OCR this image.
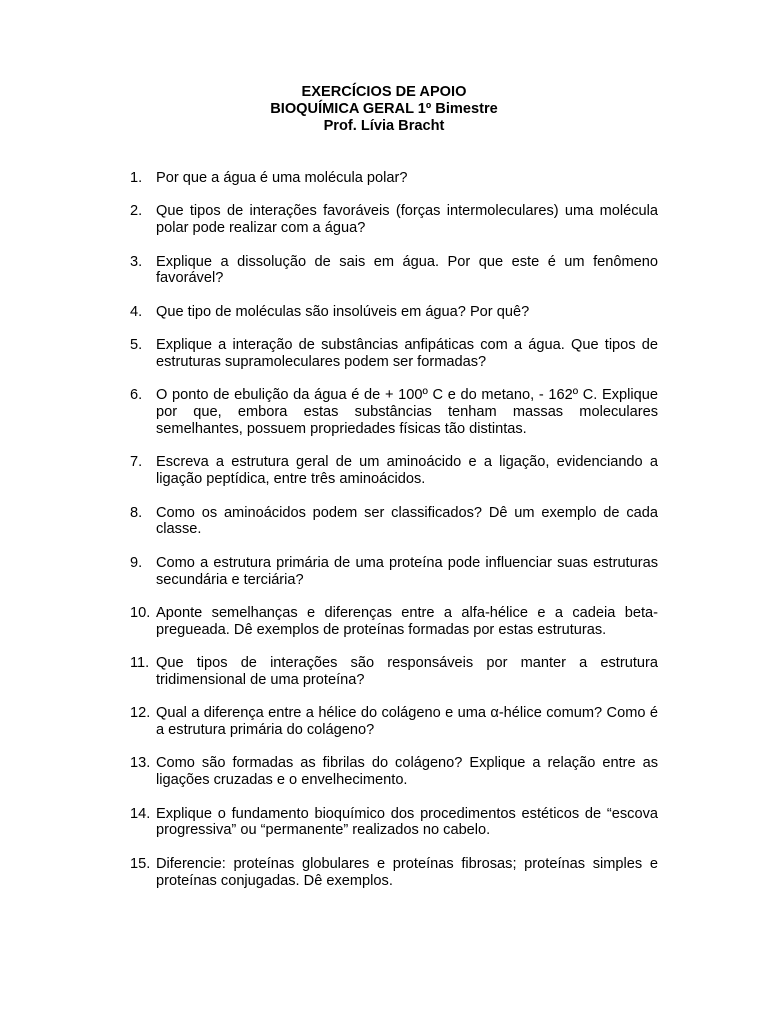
EXERCÍCIOS DE APOIO
BIOQUÍMICA GERAL 1º Bimestre
Prof. Lívia Bracht
1. Por que a água é uma molécula polar?
2. Que tipos de interações favoráveis (forças intermoleculares) uma molécula polar pode realizar com a água?
3. Explique a dissolução de sais em água. Por que este é um fenômeno favorável?
4. Que tipo de moléculas são insolúveis em água? Por quê?
5. Explique a interação de substâncias anfipáticas com a água. Que tipos de estruturas supramoleculares podem ser formadas?
6. O ponto de ebulição da água é de + 100º C e do metano, - 162º C. Explique por que, embora estas substâncias tenham massas moleculares semelhantes, possuem propriedades físicas tão distintas.
7. Escreva a estrutura geral de um aminoácido e a ligação, evidenciando a ligação peptídica, entre três aminoácidos.
8. Como os aminoácidos podem ser classificados? Dê um exemplo de cada classe.
9. Como a estrutura primária de uma proteína pode influenciar suas estruturas secundária e terciária?
10. Aponte semelhanças e diferenças entre a alfa-hélice e a cadeia beta-pregueada. Dê exemplos de proteínas formadas por estas estruturas.
11. Que tipos de interações são responsáveis por manter a estrutura tridimensional de uma proteína?
12. Qual a diferença entre a hélice do colágeno e uma α-hélice comum? Como é a estrutura primária do colágeno?
13. Como são formadas as fibrilas do colágeno? Explique a relação entre as ligações cruzadas e o envelhecimento.
14. Explique o fundamento bioquímico dos procedimentos estéticos de “escova progressiva” ou “permanente” realizados no cabelo.
15. Diferencie: proteínas globulares e proteínas fibrosas; proteínas simples e proteínas conjugadas. Dê exemplos.
